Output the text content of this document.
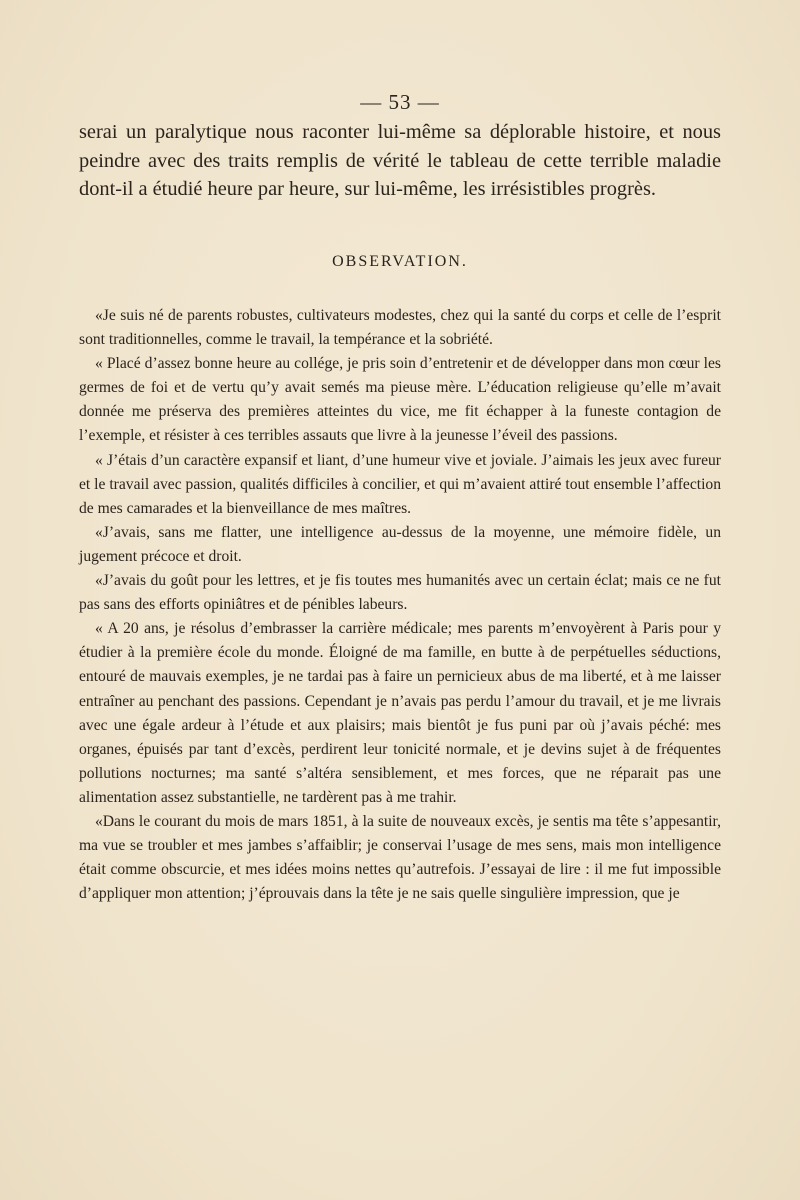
— 53 —

serai un paralytique nous raconter lui-même sa déplorable histoire, et nous peindre avec des traits remplis de vérité le tableau de cette terrible maladie dont-il a étudié heure par heure, sur lui-même, les irrésistibles progrès.

OBSERVATION.

«Je suis né de parents robustes, cultivateurs modestes, chez qui la santé du corps et celle de l’esprit sont traditionnelles, comme le travail, la tempérance et la sobriété.

« Placé d’assez bonne heure au collége, je pris soin d’entretenir et de développer dans mon cœur les germes de foi et de vertu qu’y avait semés ma pieuse mère. L’éducation religieuse qu’elle m’avait donnée me préserva des premières atteintes du vice, me fit échapper à la funeste contagion de l’exemple, et résister à ces terribles assauts que livre à la jeunesse l’éveil des passions.

« J’étais d’un caractère expansif et liant, d’une humeur vive et joviale. J’aimais les jeux avec fureur et le travail avec passion, qualités difficiles à concilier, et qui m’avaient attiré tout ensemble l’affection de mes camarades et la bienveillance de mes maîtres.

«J’avais, sans me flatter, une intelligence au-dessus de la moyenne, une mémoire fidèle, un jugement précoce et droit.

«J’avais du goût pour les lettres, et je fis toutes mes humanités avec un certain éclat; mais ce ne fut pas sans des efforts opiniâtres et de pénibles labeurs.

« A 20 ans, je résolus d’embrasser la carrière médicale; mes parents m’envoyèrent à Paris pour y étudier à la première école du monde. Éloigné de ma famille, en butte à de perpétuelles séductions, entouré de mauvais exemples, je ne tardai pas à faire un pernicieux abus de ma liberté, et à me laisser entraîner au penchant des passions. Cependant je n’avais pas perdu l’amour du travail, et je me livrais avec une égale ardeur à l’étude et aux plaisirs; mais bientôt je fus puni par où j’avais péché: mes organes, épuisés par tant d’excès, perdirent leur tonicité normale, et je devins sujet à de fréquentes pollutions nocturnes; ma santé s’altéra sensiblement, et mes forces, que ne réparait pas une alimentation assez substantielle, ne tardèrent pas à me trahir.

«Dans le courant du mois de mars 1851, à la suite de nouveaux excès, je sentis ma tête s’appesantir, ma vue se troubler et mes jambes s’affaiblir; je conservai l’usage de mes sens, mais mon intelligence était comme obscurcie, et mes idées moins nettes qu’autrefois. J’essayai de lire : il me fut impossible d’appliquer mon attention; j’éprouvais dans la tête je ne sais quelle singulière impression, que je
